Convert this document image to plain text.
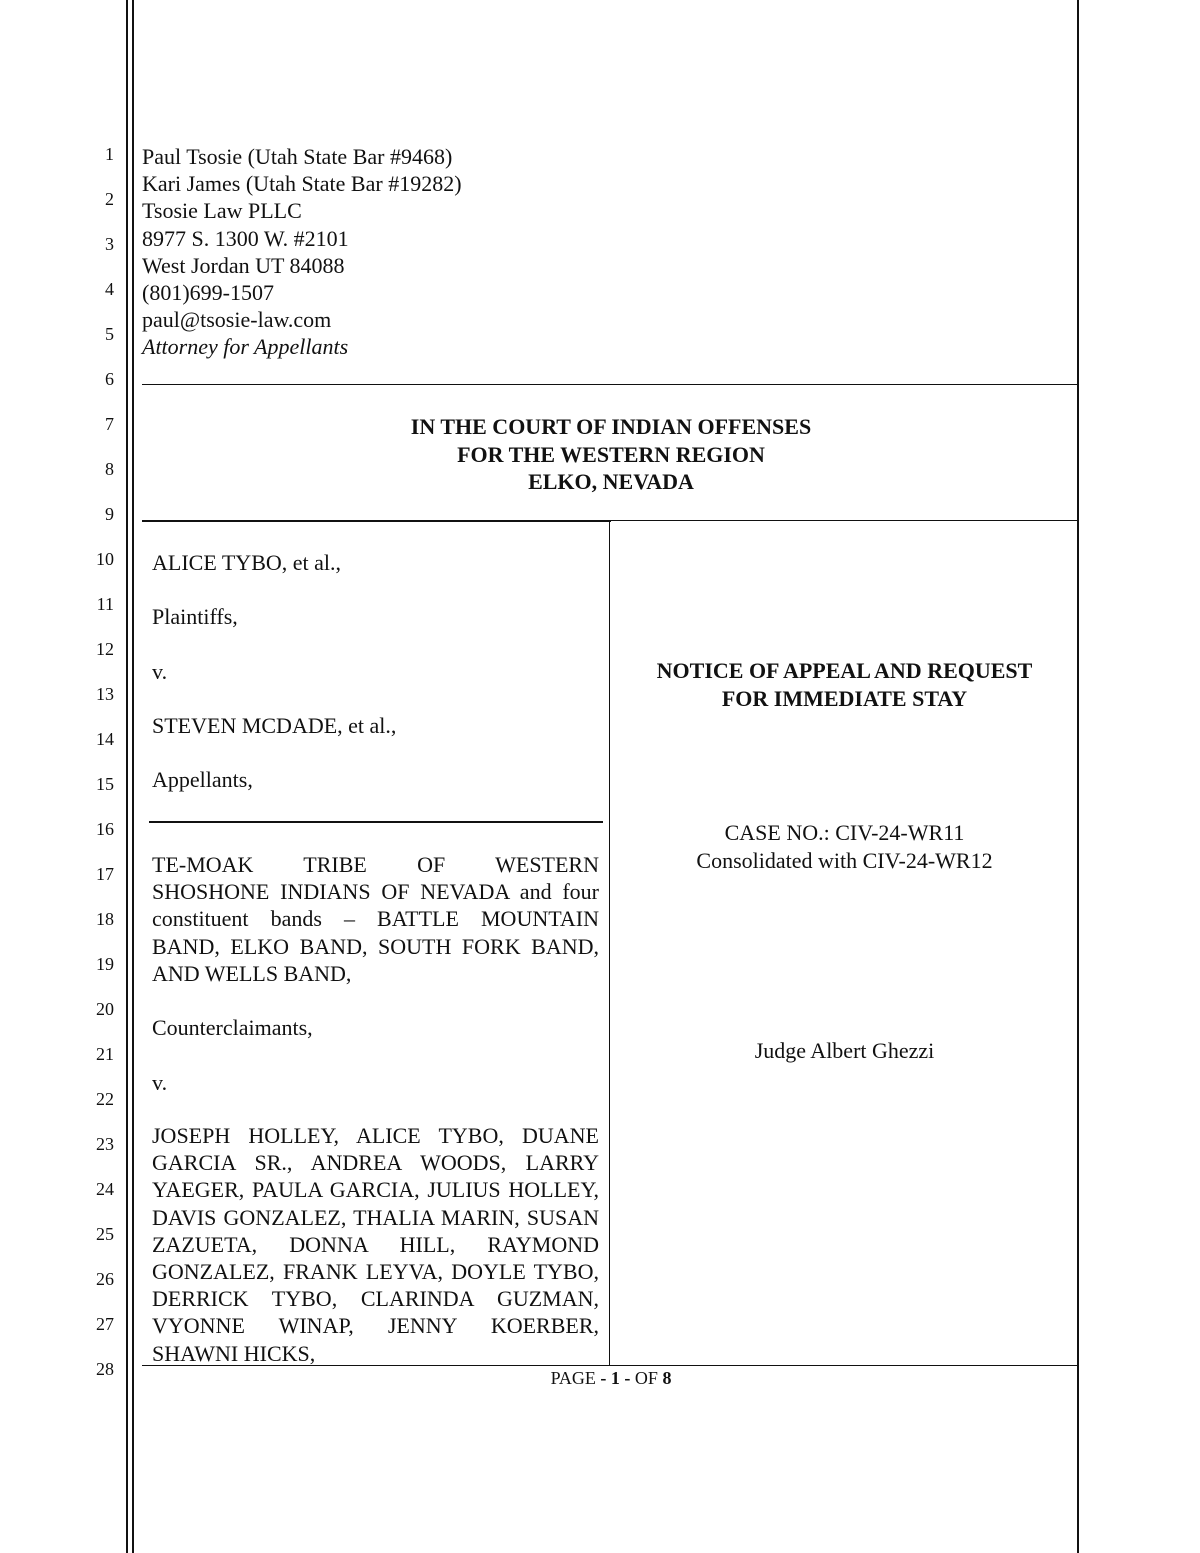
1
2
3
4
5
6
7
8
9
10
11
12
13
14
15
16
17
18
19
20
21
22
23
24
25
26
27
28
Paul Tsosie (Utah State Bar #9468)
Kari James (Utah State Bar #19282)
Tsosie Law PLLC
8977 S. 1300 W. #2101
West Jordan UT 84088
(801)699-1507
paul@tsosie-law.com
Attorney for Appellants
IN THE COURT OF INDIAN OFFENSES
FOR THE WESTERN REGION
ELKO, NEVADA
ALICE TYBO, et al.,
Plaintiffs,
v.
STEVEN MCDADE, et al.,
Appellants,
TE-MOAK TRIBE OF WESTERN
SHOSHONE INDIANS OF NEVADA and four constituent bands – BATTLE MOUNTAIN BAND, ELKO BAND, SOUTH FORK BAND, AND WELLS BAND,
Counterclaimants,
v.
JOSEPH HOLLEY, ALICE TYBO, DUANE GARCIA SR., ANDREA WOODS, LARRY YAEGER, PAULA GARCIA, JULIUS HOLLEY, DAVIS GONZALEZ, THALIA MARIN, SUSAN ZAZUETA, DONNA HILL, RAYMOND GONZALEZ, FRANK LEYVA, DOYLE TYBO, DERRICK TYBO, CLARINDA GUZMAN, VYONNE WINAP, JENNY KOERBER, SHAWNI HICKS,
NOTICE OF APPEAL AND REQUEST
FOR IMMEDIATE STAY
CASE NO.: CIV-24-WR11
Consolidated with CIV-24-WR12
Judge Albert Ghezzi
PAGE - 1 - OF 8
